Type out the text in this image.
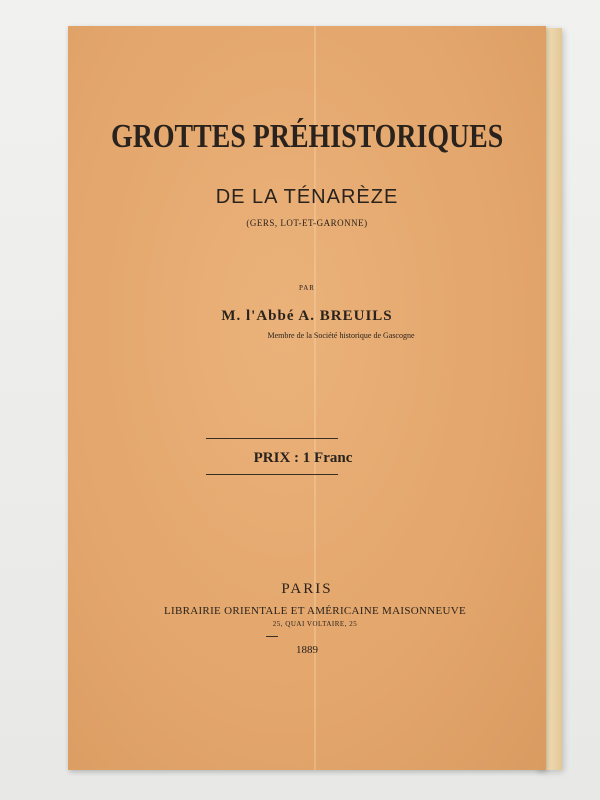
GROTTES PRÉHISTORIQUES
DE LA TÉNARÈZE
(GERS, LOT-ET-GARONNE)
PAR
M. l'Abbé A. BREUILS
Membre de la Société historique de Gascogne
PRIX : 1 Franc
PARIS
LIBRAIRIE ORIENTALE ET AMÉRICAINE MAISONNEUVE
25, QUAI VOLTAIRE, 25
1889
